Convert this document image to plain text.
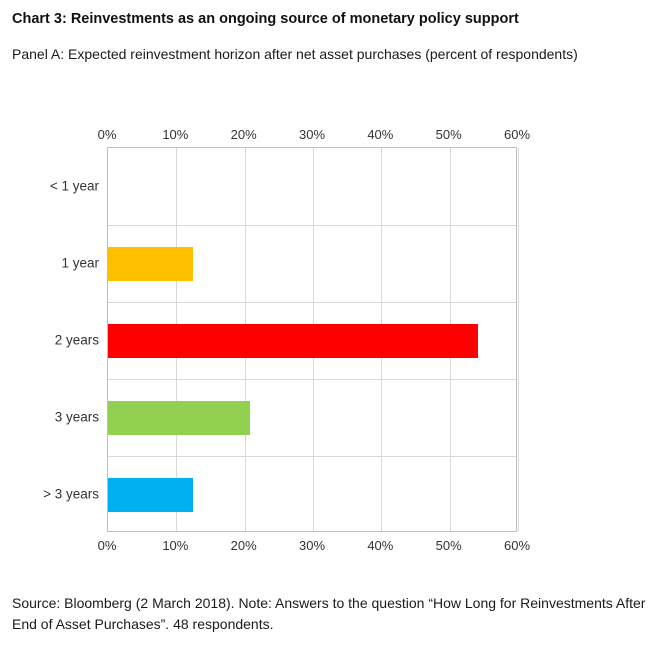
Chart 3: Reinvestments as an ongoing source of monetary policy support

Panel A: Expected reinvestment horizon after net asset purchases (percent of respondents)

0%	10%	20%	30%	40%	50%	60%
0%	10%	20%	30%	40%	50%	60%
< 1 year
1 year
2 years
3 years
> 3 years

Source: Bloomberg (2 March 2018). Note: Answers to the question “How Long for Reinvestments After End of Asset Purchases”. 48 respondents.
